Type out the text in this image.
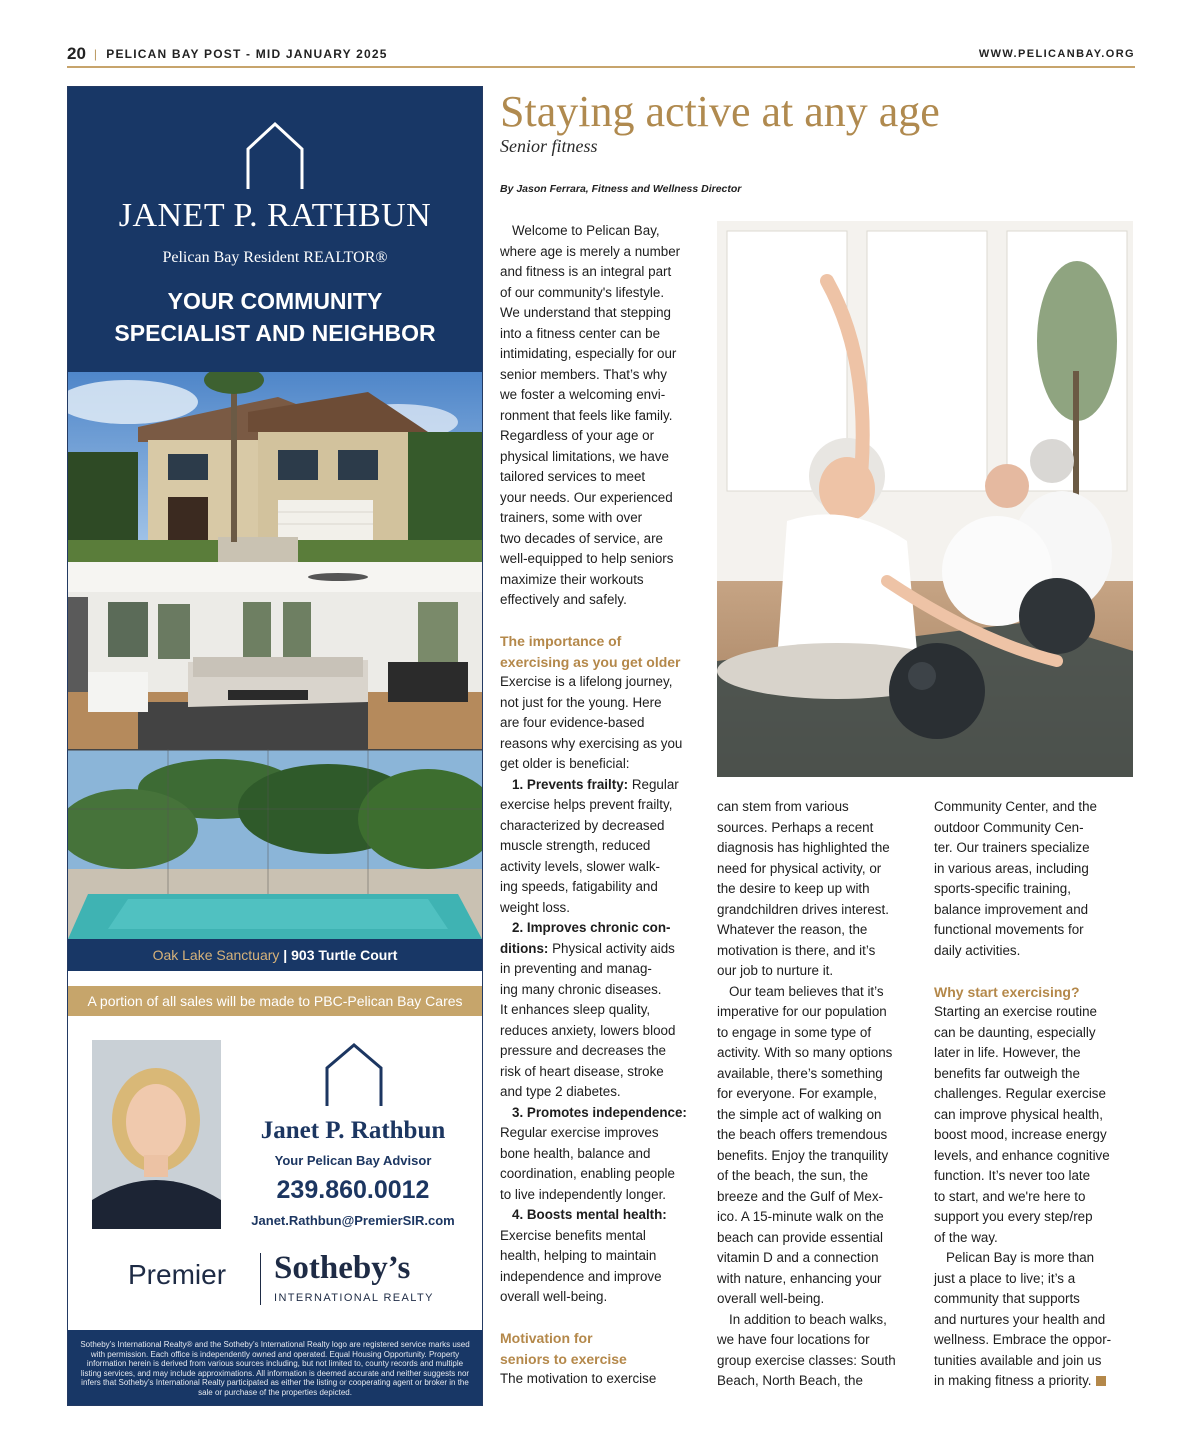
20 | PELICAN BAY POST - MID JANUARY 2025	WWW.PELICANBAY.ORG
JANET P. RATHBUN
Pelican Bay Resident REALTOR®
YOUR COMMUNITY
SPECIALIST AND NEIGHBOR
Oak Lake Sanctuary | 903 Turtle Court
A portion of all sales will be made to PBC-Pelican Bay Cares
Janet P. Rathbun
Your Pelican Bay Advisor
239.860.0012
Janet.Rathbun@PremierSIR.com
Premier Sotheby’s
INTERNATIONAL REALTY
Sotheby’s International Realty® and the Sotheby’s International Realty logo are registered service marks used with permission. Each office is independently owned and operated. Equal Housing Opportunity. Property information herein is derived from various sources including, but not limited to, county records and multiple listing services, and may include approximations. All information is deemed accurate and neither suggests nor infers that Sotheby’s International Realty participated as either the listing or cooperating agent or broker in the sale or purchase of the properties depicted.
Staying active at any age
Senior fitness
By Jason Ferrara, Fitness and Wellness Director
Welcome to Pelican Bay,
where age is merely a number
and fitness is an integral part
of our community's lifestyle.
We understand that stepping
into a fitness center can be
intimidating, especially for our
senior members. That’s why
we foster a welcoming envi-
ronment that feels like family.
Regardless of your age or
physical limitations, we have
tailored services to meet
your needs. Our experienced
trainers, some with over
two decades of service, are
well-equipped to help seniors
maximize their workouts
effectively and safely.
The importance of
exercising as you get older
Exercise is a lifelong journey,
not just for the young. Here
are four evidence-based
reasons why exercising as you
get older is beneficial:
1. Prevents frailty: Regular
exercise helps prevent frailty,
characterized by decreased
muscle strength, reduced
activity levels, slower walk-
ing speeds, fatigability and
weight loss.
2. Improves chronic con-
ditions: Physical activity aids
in preventing and manag-
ing many chronic diseases.
It enhances sleep quality,
reduces anxiety, lowers blood
pressure and decreases the
risk of heart disease, stroke
and type 2 diabetes.
3. Promotes independence:
Regular exercise improves
bone health, balance and
coordination, enabling people
to live independently longer.
4. Boosts mental health:
Exercise benefits mental
health, helping to maintain
independence and improve
overall well-being.
Motivation for
seniors to exercise
The motivation to exercise
can stem from various
sources. Perhaps a recent
diagnosis has highlighted the
need for physical activity, or
the desire to keep up with
grandchildren drives interest.
Whatever the reason, the
motivation is there, and it’s
our job to nurture it.
Our team believes that it’s
imperative for our population
to engage in some type of
activity. With so many options
available, there’s something
for everyone. For example,
the simple act of walking on
the beach offers tremendous
benefits. Enjoy the tranquility
of the beach, the sun, the
breeze and the Gulf of Mex-
ico. A 15-minute walk on the
beach can provide essential
vitamin D and a connection
with nature, enhancing your
overall well-being.
In addition to beach walks,
we have four locations for
group exercise classes: South
Beach, North Beach, the
Community Center, and the
outdoor Community Cen-
ter. Our trainers specialize
in various areas, including
sports-specific training,
balance improvement and
functional movements for
daily activities.
Why start exercising?
Starting an exercise routine
can be daunting, especially
later in life. However, the
benefits far outweigh the
challenges. Regular exercise
can improve physical health,
boost mood, increase energy
levels, and enhance cognitive
function. It’s never too late
to start, and we're here to
support you every step/rep
of the way.
Pelican Bay is more than
just a place to live; it’s a
community that supports
and nurtures your health and
wellness. Embrace the oppor-
tunities available and join us
in making fitness a priority.
